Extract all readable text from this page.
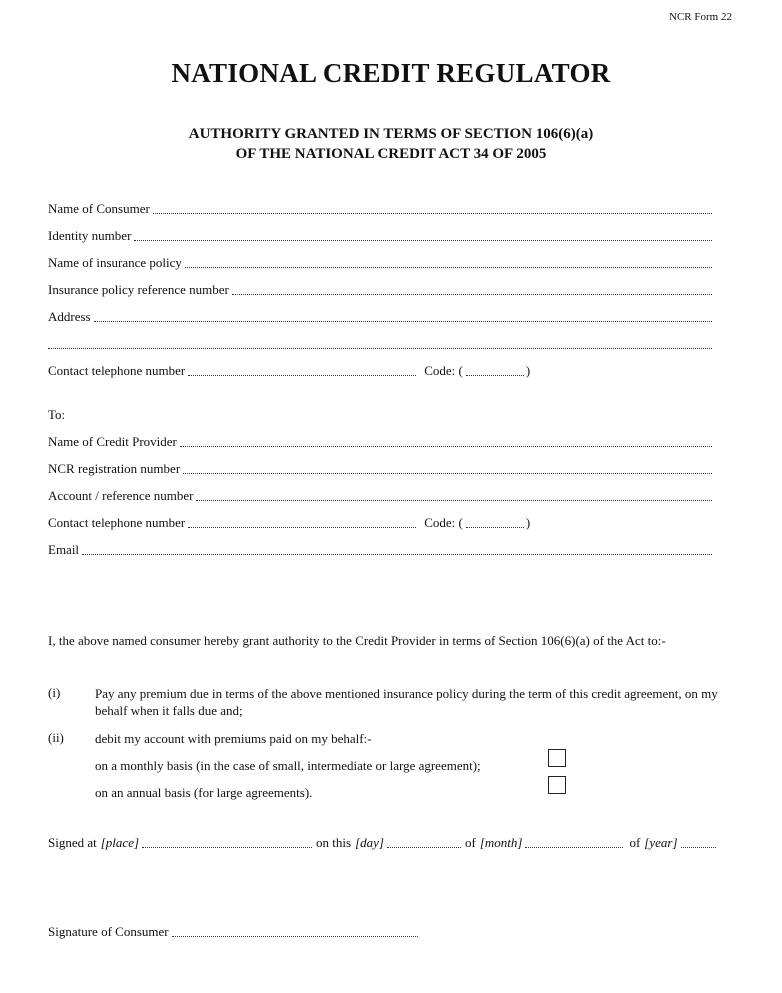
NCR Form 22
NATIONAL CREDIT REGULATOR
AUTHORITY GRANTED IN TERMS OF SECTION 106(6)(a)
OF THE NATIONAL CREDIT ACT 34 OF 2005
Name of Consumer
Identity number
Name of insurance policy
Insurance policy reference number
Address
Contact telephone number	Code: (	)
To:
Name of Credit Provider
NCR registration number
Account / reference number
Contact telephone number	Code: (	)
Email
I, the above named consumer hereby grant authority to the Credit Provider in terms of Section 106(6)(a) of the Act to:-
(i)	Pay any premium due in terms of the above mentioned insurance policy during the term of this credit agreement, on my behalf when it falls due and;
(ii) debit my account with premiums paid on my behalf:-
on a monthly basis (in the case of small, intermediate or large agreement);
on an annual basis (for large agreements).
Signed at [place]	on this [day]	of [month]	of [year]
Signature of Consumer
